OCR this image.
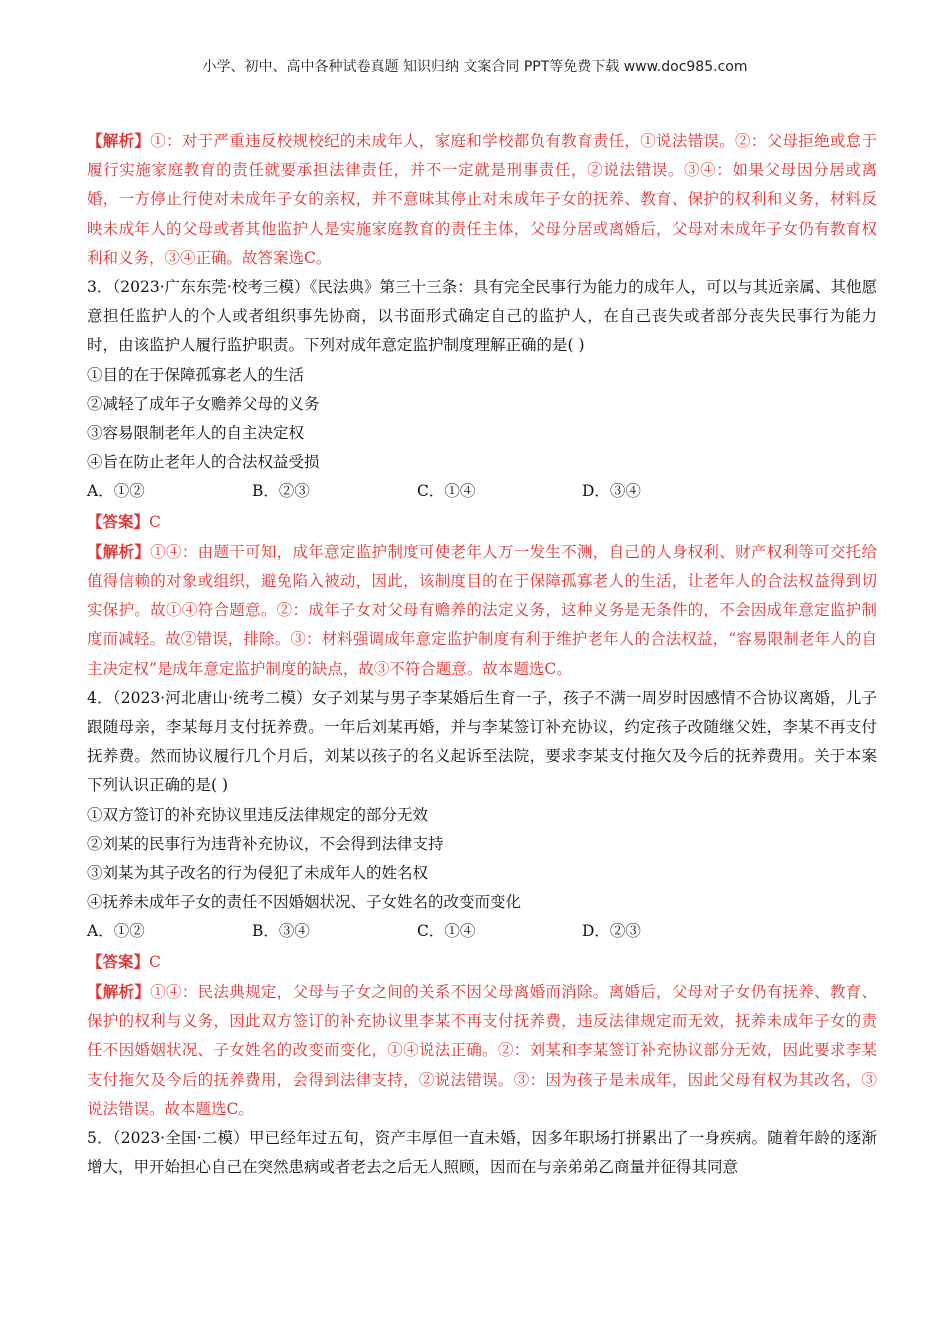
小学、初中、高中各种试卷真题 知识归纳 文案合同 PPT等免费下载 www.doc985.com

【解析】①：对于严重违反校规校纪的未成年人，家庭和学校都负有教育责任，①说法错误。②：父母拒绝或怠于履行实施家庭教育的责任就要承担法律责任，并不一定就是刑事责任，②说法错误。③④：如果父母因分居或离婚，一方停止行使对未成年子女的亲权，并不意味其停止对未成年子女的抚养、教育、保护的权利和义务，材料反映未成年人的父母或者其他监护人是实施家庭教育的责任主体，父母分居或离婚后，父母对未成年子女仍有教育权利和义务，③④正确。故答案选C。

3．（2023·广东东莞·校考三模）《民法典》第三十三条：具有完全民事行为能力的成年人，可以与其近亲属、其他愿意担任监护人的个人或者组织事先协商，以书面形式确定自己的监护人，在自己丧失或者部分丧失民事行为能力时，由该监护人履行监护职责。下列对成年意定监护制度理解正确的是( )

①目的在于保障孤寡老人的生活

②减轻了成年子女赡养父母的义务

③容易限制老年人的自主决定权

④旨在防止老年人的合法权益受损

A．①②	B．②③	C．①④	D．③④

【答案】C

【解析】①④：由题干可知，成年意定监护制度可使老年人万一发生不测，自己的人身权利、财产权利等可交托给值得信赖的对象或组织，避免陷入被动，因此，该制度目的在于保障孤寡老人的生活，让老年人的合法权益得到切实保护。故①④符合题意。②：成年子女对父母有赡养的法定义务，这种义务是无条件的，不会因成年意定监护制度而减轻。故②错误，排除。③：材料强调成年意定监护制度有利于维护老年人的合法权益，“容易限制老年人的自主决定权”是成年意定监护制度的缺点，故③不符合题意。故本题选C。

4．（2023·河北唐山·统考二模）女子刘某与男子李某婚后生育一子，孩子不满一周岁时因感情不合协议离婚，儿子跟随母亲，李某每月支付抚养费。一年后刘某再婚，并与李某签订补充协议，约定孩子改随继父姓，李某不再支付抚养费。然而协议履行几个月后，刘某以孩子的名义起诉至法院，要求李某支付拖欠及今后的抚养费用。关于本案下列认识正确的是( )

①双方签订的补充协议里违反法律规定的部分无效

②刘某的民事行为违背补充协议，不会得到法律支持

③刘某为其子改名的行为侵犯了未成年人的姓名权

④抚养未成年子女的责任不因婚姻状况、子女姓名的改变而变化

A．①②	B．③④	C．①④	D．②③

【答案】C

【解析】①④：民法典规定，父母与子女之间的关系不因父母离婚而消除。离婚后，父母对子女仍有抚养、教育、保护的权利与义务，因此双方签订的补充协议里李某不再支付抚养费，违反法律规定而无效，抚养未成年子女的责任不因婚姻状况、子女姓名的改变而变化，①④说法正确。②：刘某和李某签订补充协议部分无效，因此要求李某支付拖欠及今后的抚养费用，会得到法律支持，②说法错误。③：因为孩子是未成年，因此父母有权为其改名，③说法错误。故本题选C。

5．（2023·全国·二模）甲已经年过五旬，资产丰厚但一直未婚，因多年职场打拼累出了一身疾病。随着年龄的逐渐增大，甲开始担心自己在突然患病或者老去之后无人照顾，因而在与亲弟弟乙商量并征得其同意
